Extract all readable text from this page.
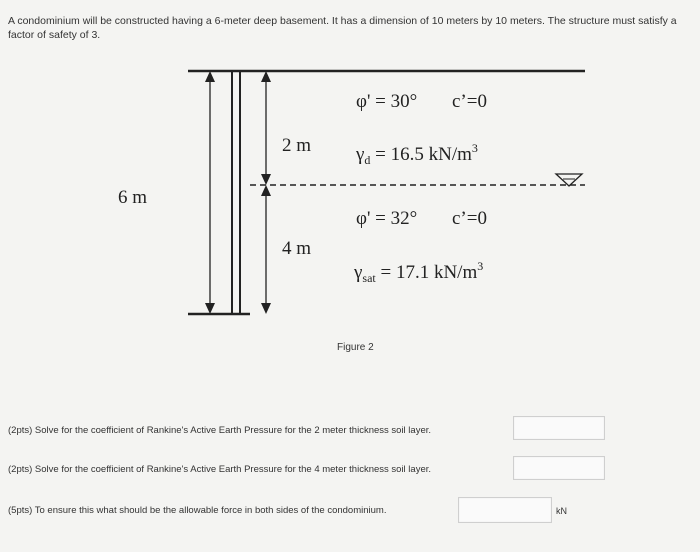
A condominium will be constructed having a 6-meter deep basement. It has a dimension of 10 meters by 10 meters. The structure must satisfy a factor of safety of 3.
6 m
2 m
4 m
φ' = 30° c’=0
$\gamma_d = 16.5$ $kN/m^3$
φ' = 32° c’=0
$\gamma_{sat} = 17.1$ $kN/m^3$
Figure 2
(2pts) Solve for the coefficient of Rankine's Active Earth Pressure for the 2 meter thickness soil layer.
(2pts) Solve for the coefficient of Rankine's Active Earth Pressure for the 4 meter thickness soil layer.
(5pts) To ensure this what should be the allowable force in both sides of the condominium.	kN
